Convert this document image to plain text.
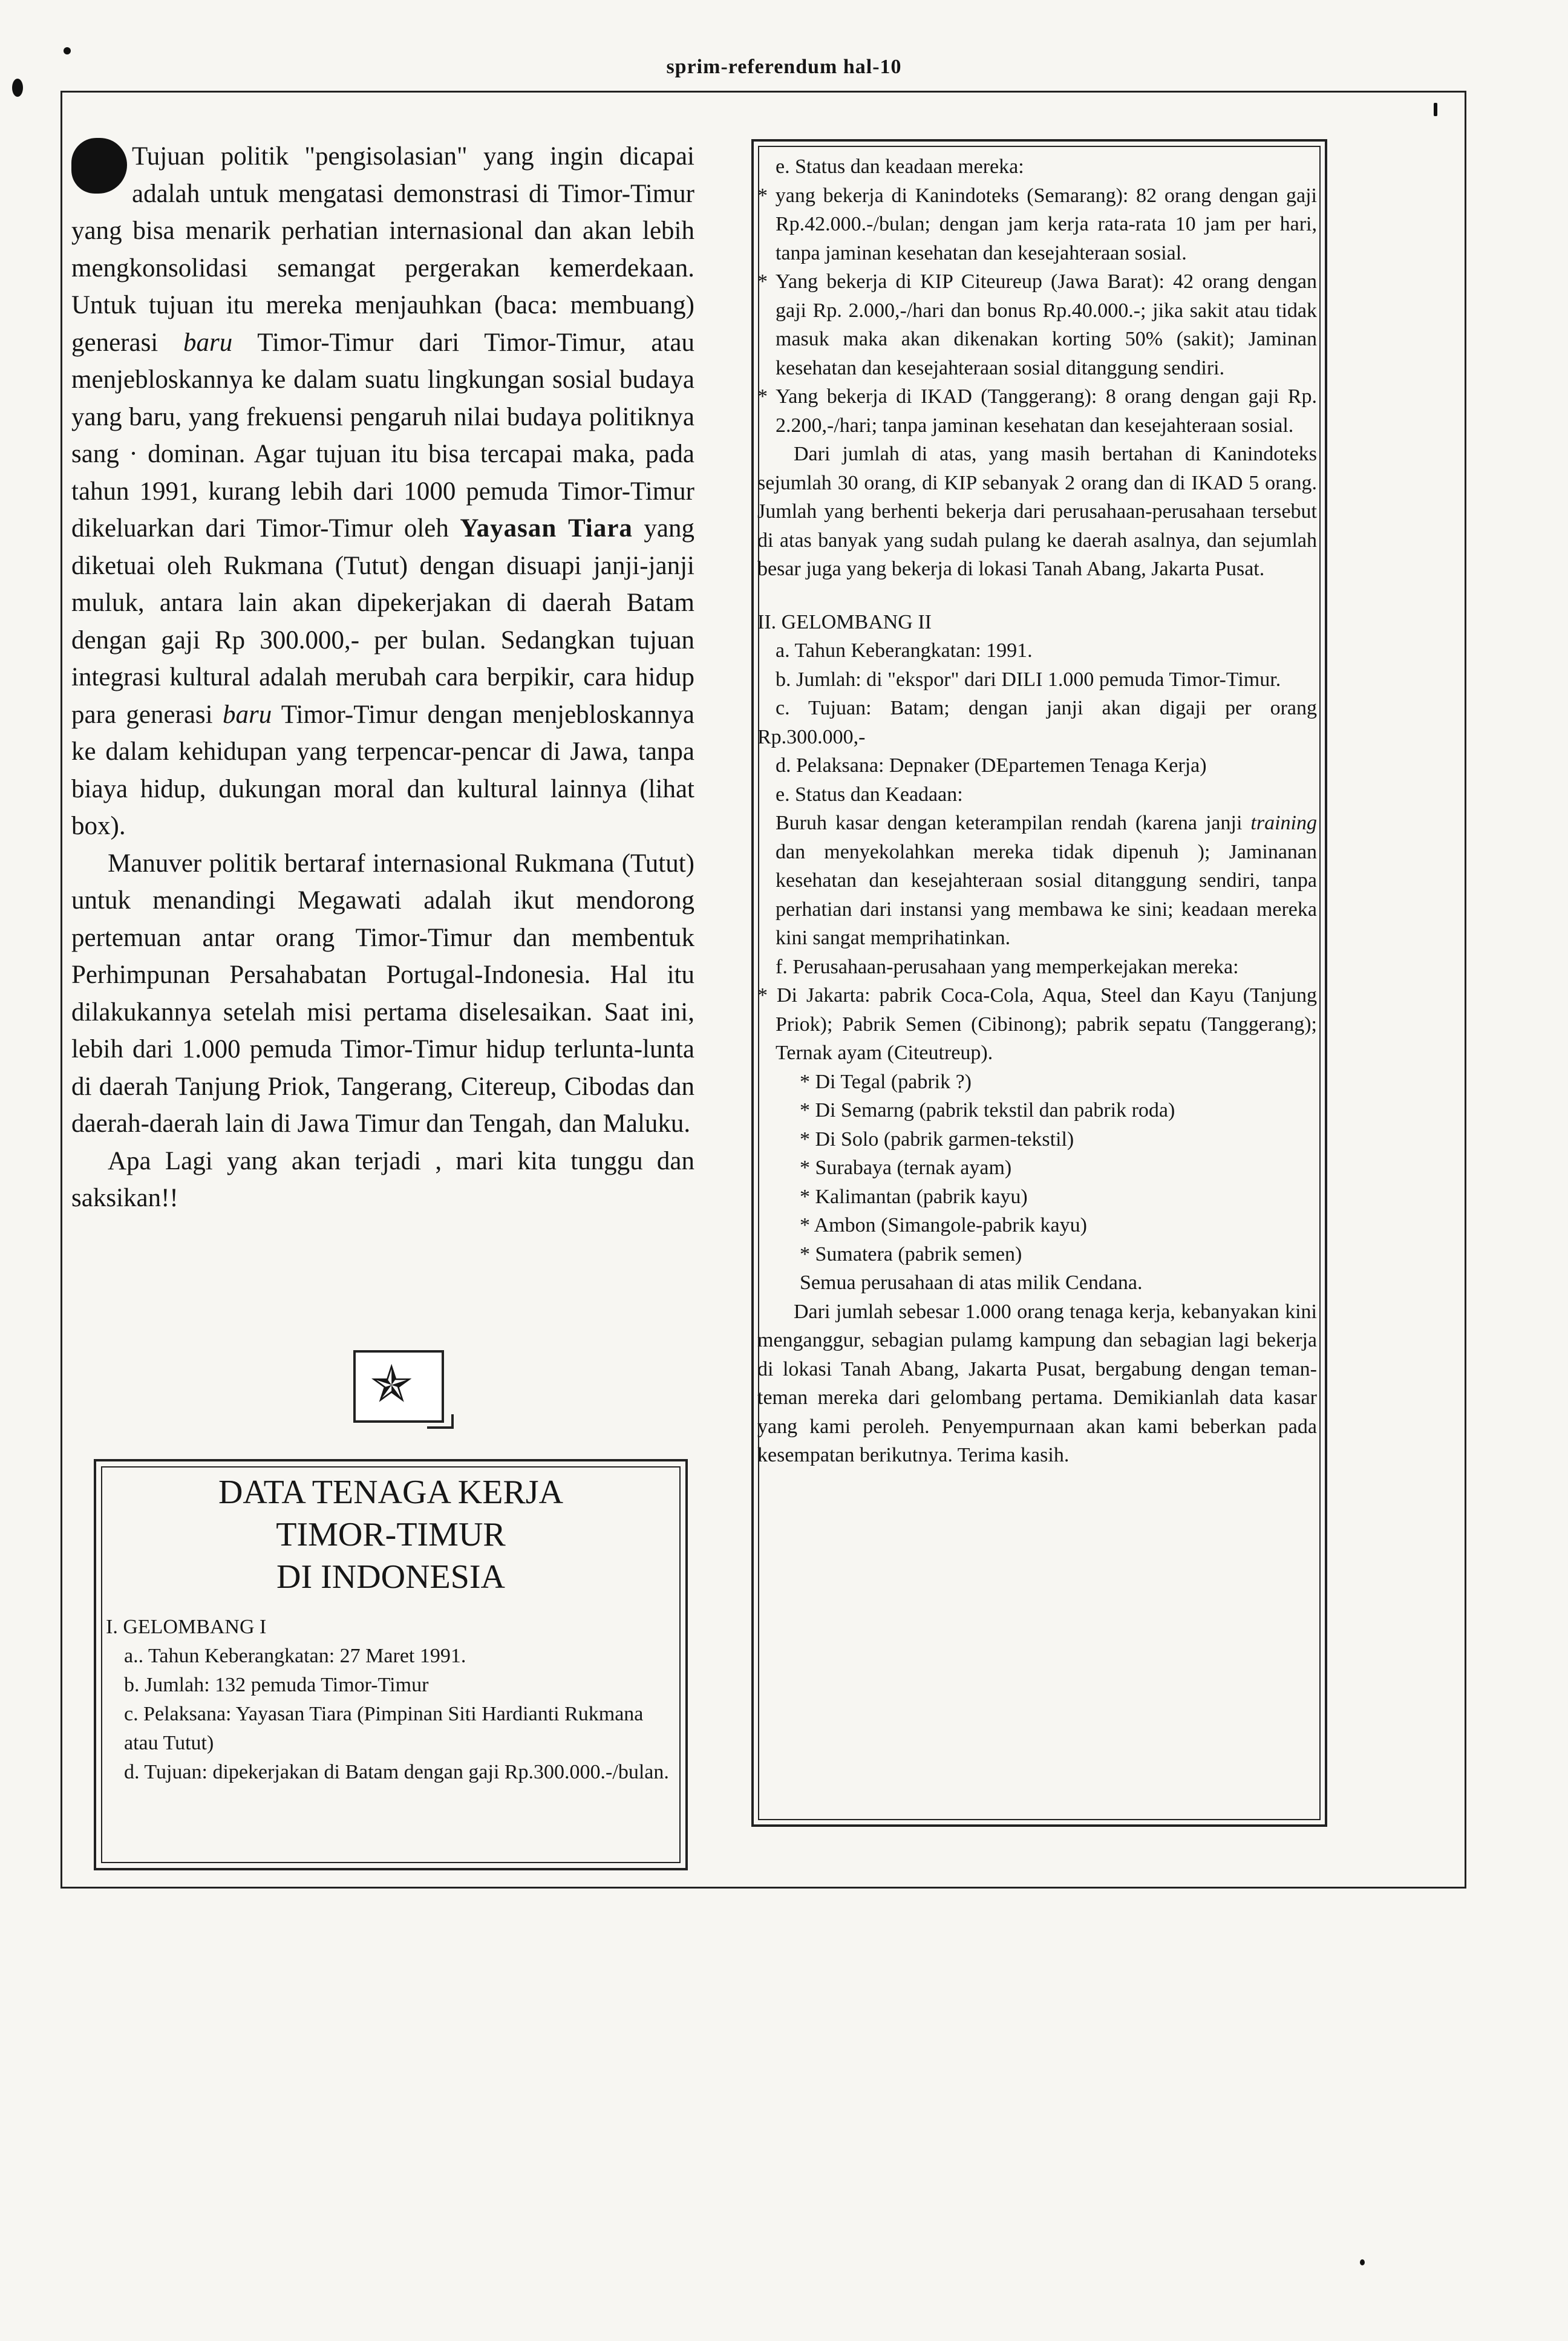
sprim-referendum hal-10

Tujuan politik "pengisolasian" yang ingin dicapai adalah untuk mengatasi demonstrasi di Timor-Timur yang bisa menarik perhatian internasional dan akan lebih mengkonsolidasi semangat pergerakan kemerdekaan. Untuk tujuan itu mereka menjauhkan (baca: membuang) generasi baru Timor-Timur dari Timor-Timur, atau menjebloskannya ke dalam suatu lingkungan sosial budaya yang baru, yang frekuensi pengaruh nilai budaya politiknya sang · dominan. Agar tujuan itu bisa tercapai maka, pada tahun 1991, kurang lebih dari 1000 pemuda Timor-Timur dikeluarkan dari Timor-Timur oleh Yayasan Tiara yang diketuai oleh Rukmana (Tutut) dengan disuapi janji-janji muluk, antara lain akan dipekerjakan di daerah Batam dengan gaji Rp 300.000,- per bulan. Sedangkan tujuan integrasi kultural adalah merubah cara berpikir, cara hidup para generasi baru Timor-Timur dengan menjebloskannya ke dalam kehidupan yang terpencar-pencar di Jawa, tanpa biaya hidup, dukungan moral dan kultural lainnya (lihat box).

Manuver politik bertaraf internasional Rukmana (Tutut) untuk menandingi Megawati adalah ikut mendorong pertemuan antar orang Timor-Timur dan membentuk Perhimpunan Persahabatan Portugal-Indonesia. Hal itu dilakukannya setelah misi pertama diselesaikan. Saat ini, lebih dari 1.000 pemuda Timor-Timur hidup terlunta-lunta di daerah Tanjung Priok, Tangerang, Citereup, Cibodas dan daerah-daerah lain di Jawa Timur dan Tengah, dan Maluku.

Apa Lagi yang akan terjadi , mari kita tunggu dan saksikan!!

✯
DATA TENAGA KERJA
TIMOR-TIMUR
DI INDONESIA
I. GELOMBANG I
a.. Tahun Keberangkatan: 27 Maret 1991.
b. Jumlah: 132 pemuda Timor-Timur
c. Pelaksana: Yayasan Tiara (Pimpinan Siti Hardianti Rukmana atau Tutut)
d. Tujuan: dipekerjakan di Batam dengan gaji Rp.300.000.-/bulan.
e. Status dan keadaan mereka:
* yang bekerja di Kanindoteks (Semarang): 82 orang dengan gaji Rp.42.000.-/bulan; dengan jam kerja rata-rata 10 jam per hari, tanpa jaminan kesehatan dan kesejahteraan sosial.
* Yang bekerja di KIP Citeureup (Jawa Barat): 42 orang dengan gaji Rp. 2.000,-/hari dan bonus Rp.40.000.-; jika sakit atau tidak masuk maka akan dikenakan korting 50% (sakit); Jaminan kesehatan dan kesejahteraan sosial ditanggung sendiri.
* Yang bekerja di IKAD (Tanggerang): 8 orang dengan gaji Rp. 2.200,-/hari; tanpa jaminan kesehatan dan kesejahteraan sosial.
Dari jumlah di atas, yang masih bertahan di Kanindoteks sejumlah 30 orang, di KIP sebanyak 2 orang dan di IKAD 5 orang. Jumlah yang berhenti bekerja dari perusahaan-perusahaan tersebut di atas banyak yang sudah pulang ke daerah asalnya, dan sejumlah besar juga yang bekerja di lokasi Tanah Abang, Jakarta Pusat.
II. GELOMBANG II
a. Tahun Keberangkatan: 1991.
b. Jumlah: di "ekspor" dari DILI 1.000 pemuda Timor-Timur.
c. Tujuan: Batam; dengan janji akan digaji per orang Rp.300.000,-
d. Pelaksana: Depnaker (DEpartemen Tenaga Kerja)
e. Status dan Keadaan:
Buruh kasar dengan keterampilan rendah (karena janji training dan menyekolahkan mereka tidak dipenuh ); Jaminanan kesehatan dan kesejahteraan sosial ditanggung sendiri, tanpa perhatian dari instansi yang membawa ke sini; keadaan mereka kini sangat memprihatinkan.
f. Perusahaan-perusahaan yang memperkejakan mereka:
* Di Jakarta: pabrik Coca-Cola, Aqua, Steel dan Kayu (Tanjung Priok); Pabrik Semen (Cibinong); pabrik sepatu (Tanggerang); Ternak ayam (Citeutreup).
* Di Tegal (pabrik ?)
* Di Semarng (pabrik tekstil dan pabrik roda)
* Di Solo (pabrik garmen-tekstil)
* Surabaya (ternak ayam)
* Kalimantan (pabrik kayu)
* Ambon (Simangole-pabrik kayu)
* Sumatera (pabrik semen)
Semua perusahaan di atas milik Cendana.
Dari jumlah sebesar 1.000 orang tenaga kerja, kebanyakan kini menganggur, sebagian pulamg kampung dan sebagian lagi bekerja di lokasi Tanah Abang, Jakarta Pusat, bergabung dengan teman-teman mereka dari gelombang pertama. Demikianlah data kasar yang kami peroleh. Penyempurnaan akan kami beberkan pada kesempatan berikutnya. Terima kasih.
